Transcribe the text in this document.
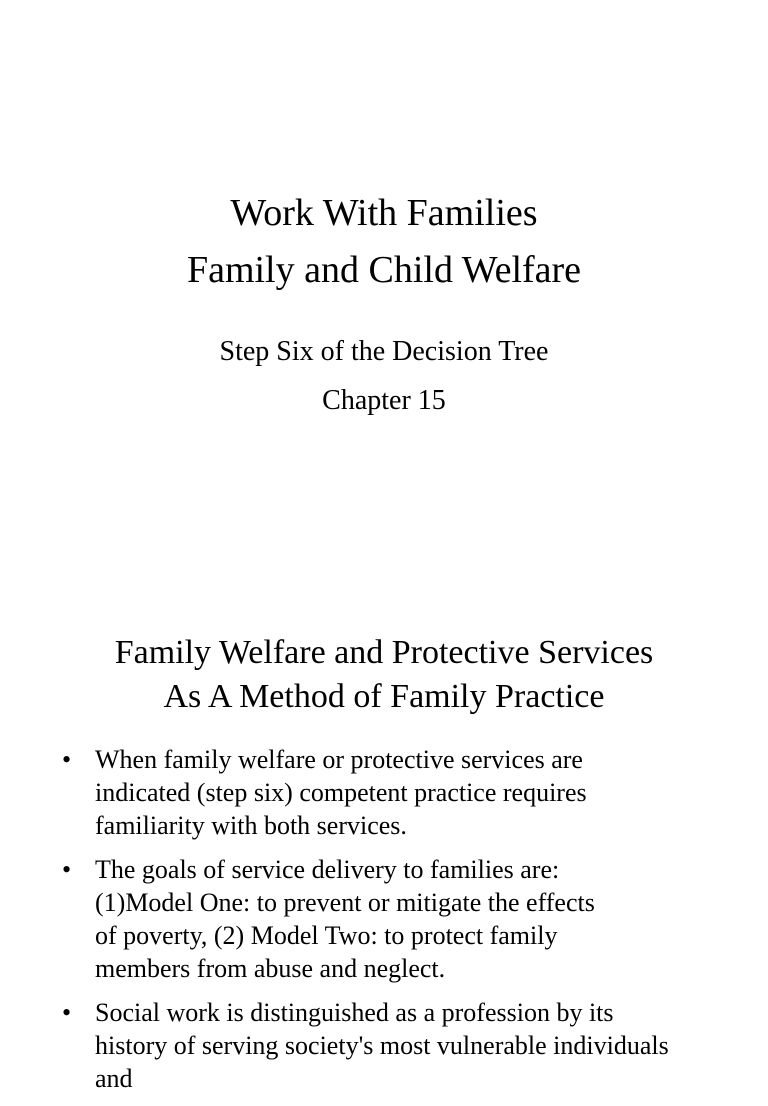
Work With Families
Family and Child Welfare
Step Six of the Decision Tree
Chapter 15
Family Welfare and Protective Services
As A Method of Family Practice
• When family welfare or protective services are
indicated (step six) competent practice requires
familiarity with both services.
• The goals of service delivery to families are:
(1)Model One: to prevent or mitigate the effects
of poverty, (2) Model Two: to protect family
members from abuse and neglect.
• Social work is distinguished as a profession by its
history of serving society's most vulnerable individuals and
